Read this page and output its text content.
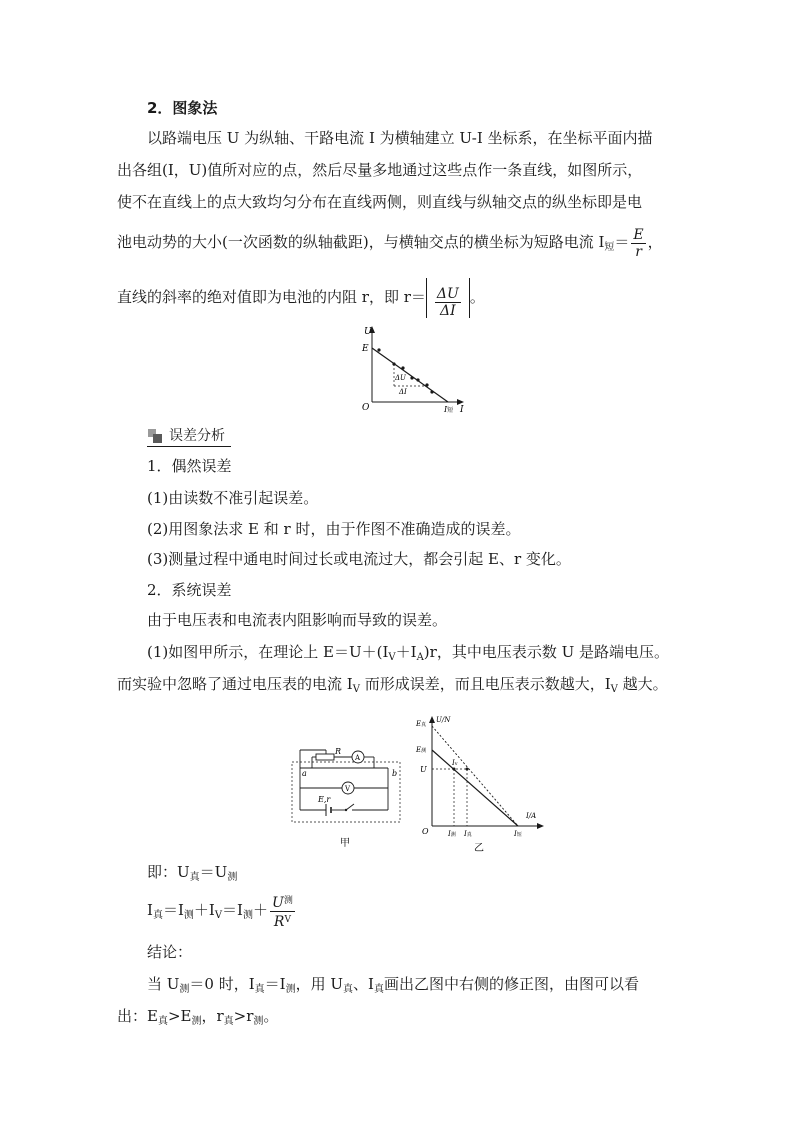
2．图象法
以路端电压 U 为纵轴、干路电流 I 为横轴建立 U-I 坐标系，在坐标平面内描
出各组(I，U)值所对应的点，然后尽量多地通过这些点作一条直线，如图所示，
使不在直线上的点大致均匀分布在直线两侧，则直线与纵轴交点的纵坐标即是电
池电动势的大小(一次函数的纵轴截距)，与横轴交点的横坐标为短路电流 $I_短= \frac{E}{r}$ ，
直线的斜率的绝对值即为电池的内阻 r，即 $r= \frac{\Delta U}{\Delta I}$ 。
U
E
O
ΔU
ΔI
I短 I
误差分析
1．偶然误差
(1)由读数不准引起误差。
(2)用图象法求 E 和 r 时，由于作图不准确造成的误差。
(3)测量过程中通电时间过长或电流过大，都会引起 E、r 变化。
2．系统误差
由于电压表和电流表内阻影响而导致的误差。
(1)如图甲所示，在理论上 $E=U+(I_V+I_A)r$，其中电压表示数 U 是路端电压。
而实验中忽略了通过电压表的电流 $I_V$ 而形成误差，而且电压表示数越大，$I_V$ 越大。
R
A
V
a	b
E,r
甲
E真
U/N
E测
U
Iv
I/A
O	I测 I真	I短
乙
即：$U_真=U_测$
$I_真=I_测+I_V=I_测+ \frac{U^测}{R^V}$
结论：
当 $U_测=0$ 时，$I_真=I_测$，用 $U_真$、$I_真$画出乙图中右侧的修正图，由图可以看
出：$E_真>E_测$，$r_真>r_测$。
